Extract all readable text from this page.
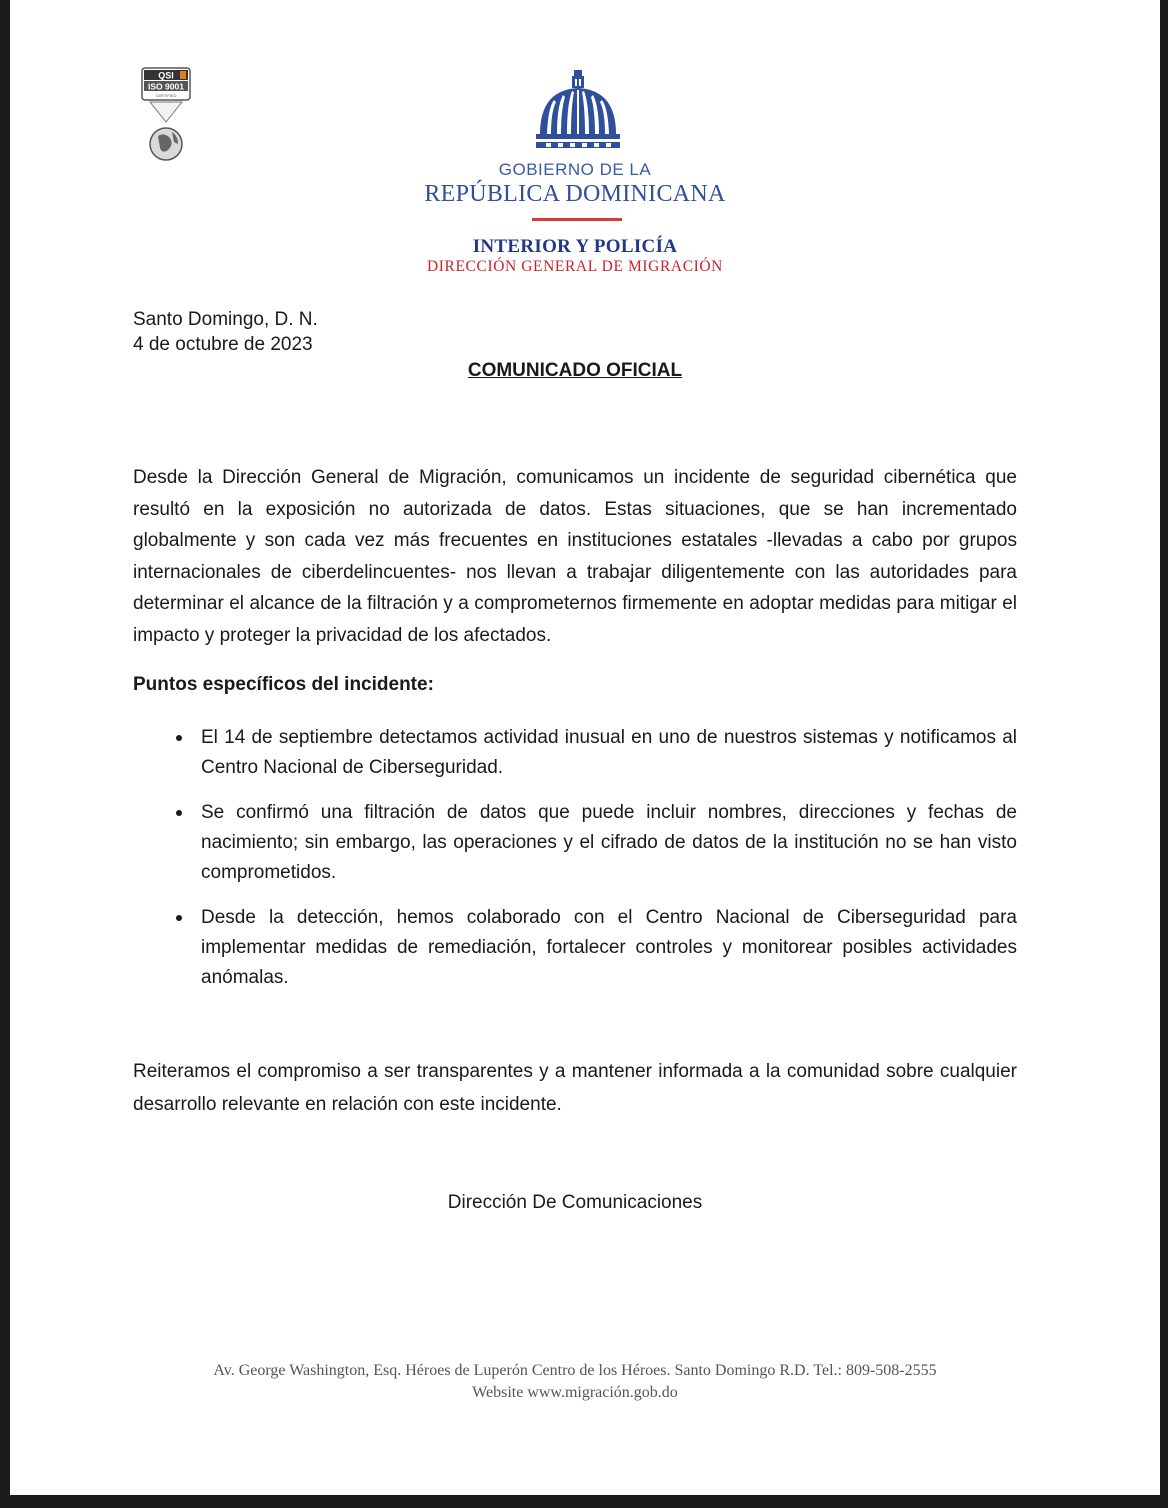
QSI
ISO 9001
CERTIFIED
GOBIERNO DE LA
REPÚBLICA DOMINICANA
INTERIOR Y POLICÍA
DIRECCIÓN GENERAL DE MIGRACIÓN
Santo Domingo, D. N.
4 de octubre de 2023
COMUNICADO OFICIAL
Desde la Dirección General de Migración, comunicamos un incidente de seguridad cibernética que resultó en la exposición no autorizada de datos. Estas situaciones, que se han incrementado globalmente y son cada vez más frecuentes en instituciones estatales -llevadas a cabo por grupos internacionales de ciberdelincuentes- nos llevan a trabajar diligentemente con las autoridades para determinar el alcance de la filtración y a comprometernos firmemente en adoptar medidas para mitigar el impacto y proteger la privacidad de los afectados.
Puntos específicos del incidente:
El 14 de septiembre detectamos actividad inusual en uno de nuestros sistemas y notificamos al Centro Nacional de Ciberseguridad.
Se confirmó una filtración de datos que puede incluir nombres, direcciones y fechas de nacimiento; sin embargo, las operaciones y el cifrado de datos de la institución no se han visto comprometidos.
Desde la detección, hemos colaborado con el Centro Nacional de Ciberseguridad para implementar medidas de remediación, fortalecer controles y monitorear posibles actividades anómalas.
Reiteramos el compromiso a ser transparentes y a mantener informada a la comunidad sobre cualquier desarrollo relevante en relación con este incidente.
Dirección De Comunicaciones
Av. George Washington, Esq. Héroes de Luperón Centro de los Héroes. Santo Domingo R.D. Tel.: 809-508-2555
Website www.migración.gob.do
